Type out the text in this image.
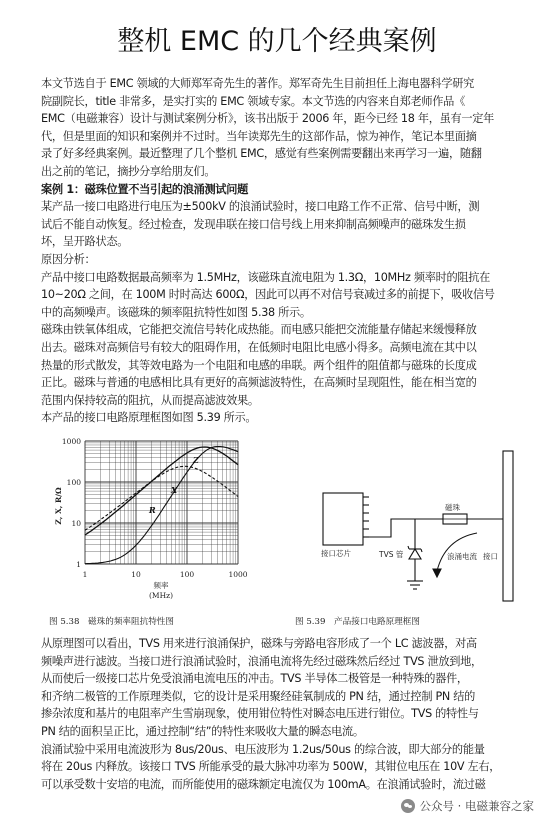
整机 EMC 的几个经典案例
本文节选自于 EMC 领域的大师郑军奇先生的著作。郑军奇先生目前担任上海电器科学研究
院副院长，title 非常多，是实打实的 EMC 领域专家。本文节选的内容来自郑老师作品《
EMC（电磁兼容）设计与测试案例分析》，该书出版于 2006 年，距今已经 18 年，虽有一定年
代，但是里面的知识和案例并不过时。当年读郑先生的这部作品，惊为神作，笔记本里面摘
录了好多经典案例。最近整理了几个整机 EMC，感觉有些案例需要翻出来再学习一遍，随翻
出之前的笔记，摘抄分享给朋友们。
案例 1：磁珠位置不当引起的浪涌测试问题
某产品一接口电路进行电压为±500kV 的浪涌试验时，接口电路工作不正常、信号中断，测
试后不能自动恢复。经过检查，发现串联在接口信号线上用来抑制高频噪声的磁珠发生损
坏，呈开路状态。
原因分析：
产品中接口电路数据最高频率为 1.5MHz，该磁珠直流电阻为 1.3Ω，10MHz 频率时的阻抗在
10~20Ω 之间，在 100M 时时高达 600Ω，因此可以再不对信号衰减过多的前提下，吸收信号
中的高频噪声。该磁珠的频率阻抗特性如图 5.38 所示。
磁珠由铁氧体组成，它能把交流信号转化成热能。而电感只能把交流能量存储起来缓慢释放
出去。磁珠对高频信号有较大的阻碍作用，在低频时电阻比电感小得多。高频电流在其中以
热量的形式散发，其等效电路为一个电阻和电感的串联。两个组件的阻值都与磁珠的长度成
正比。磁珠与普通的电感相比具有更好的高频滤波特性，在高频时呈现阻性，能在相当宽的
范围内保持较高的阻抗，从而提高滤波效果。
本产品的接口电路原理框图如图 5.39 所示。
1000
100
10
1
1	10	100	1000
频率
(MHz)
Z, X, R/Ω
Z
R
X
图 5.38　磁珠的频率阻抗特性图
接口芯片
磁珠
TVS 管	浪涌电流 接口
图 5.39　产品接口电路原理框图
从原理图可以看出，TVS 用来进行浪涌保护，磁珠与旁路电容形成了一个 LC 滤波器，对高
频噪声进行滤波。当接口进行浪涌试验时，浪涌电流将先经过磁珠然后经过 TVS 泄放到地，
从而使后一级接口芯片免受浪涌电流电压的冲击。TVS 半导体二极管是一种特殊的器件，
和齐纳二极管的工作原理类似，它的设计是采用聚经硅氧制成的 PN 结，通过控制 PN 结的
掺杂浓度和基片的电阻率产生雪崩现象，使用钳位特性对瞬态电压进行钳位。TVS 的特性与
PN 结的面积呈正比，通过控制“结”的特性来吸收大量的瞬态电流。
浪涌试验中采用电流波形为 8us/20us、电压波形为 1.2us/50us 的综合波，即大部分的能量
将在 20us 内释放。该接口 TVS 所能承受的最大脉冲功率为 500W，其钳位电压在 10V 左右，
可以承受数十安培的电流，而所能使用的磁珠额定电流仅为 100mA。在浪涌试验时，流过磁
公众号 · 电磁兼容之家
